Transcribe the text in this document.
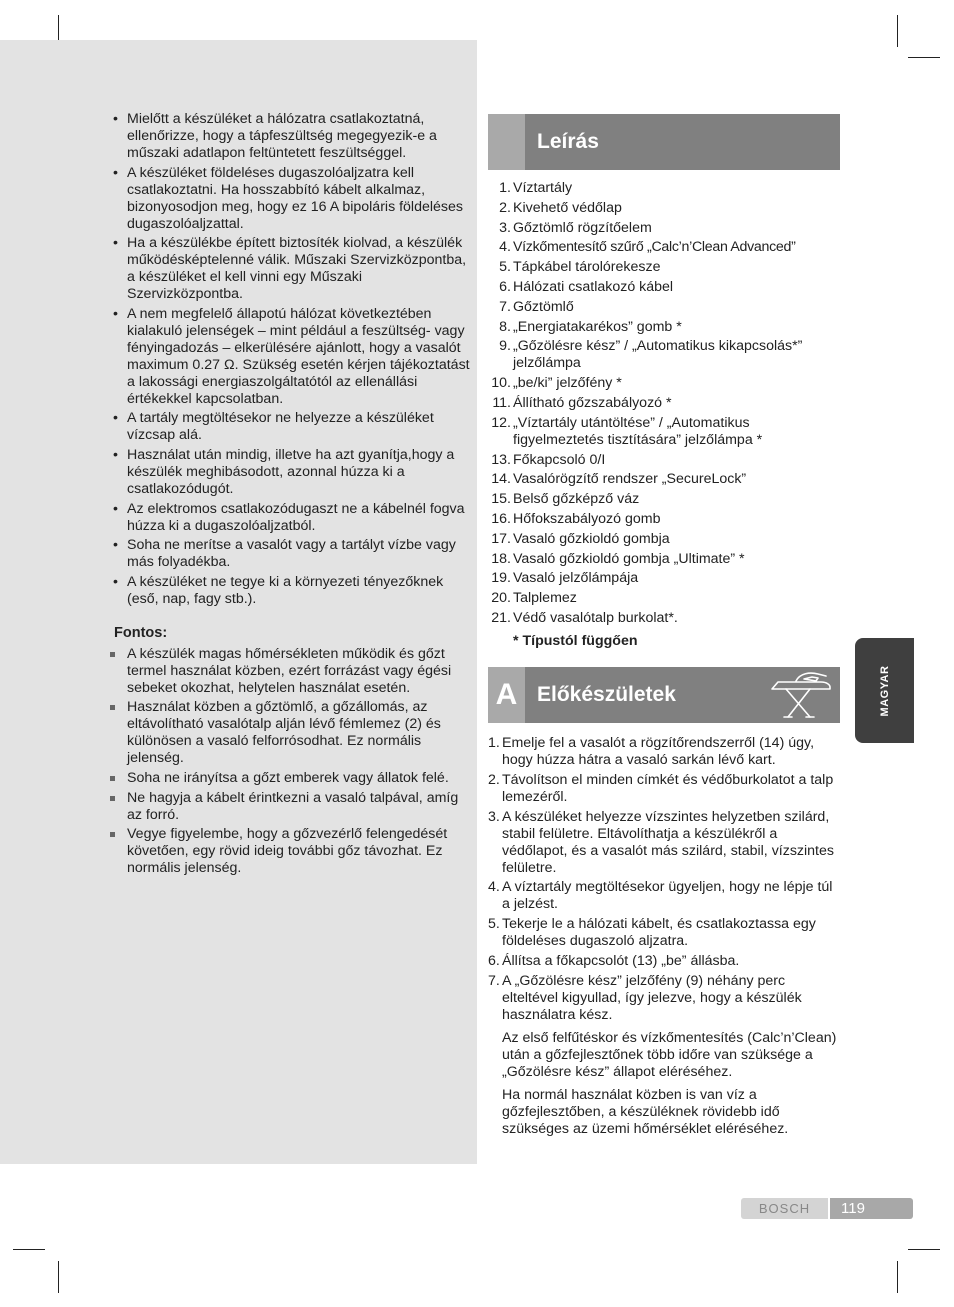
• Mielőtt a készüléket a hálózatra csatlakoztatná, ellenőrizze, hogy a tápfeszültség megegyezik-e a műszaki adatlapon feltüntetett feszültséggel.
• A készüléket földeléses dugaszolóaljzatra kell csatlakoztatni. Ha hosszabbító kábelt alkalmaz, bizonyosodjon meg, hogy ez 16 A bipoláris földeléses dugaszolóaljzattal.
• Ha a készülékbe épített biztosíték kiolvad, a készülék működésképtelenné válik. Műszaki Szervizközpontba, a készüléket el kell vinni egy Műszaki Szervizközpontba.
• A nem megfelelő állapotú hálózat következtében kialakuló jelenségek – mint például a feszültség- vagy fényingadozás – elkerülésére ajánlott, hogy a vasalót maximum 0.27 Ω. Szükség esetén kérjen tájékoztatást a lakossági energiaszolgáltatótól az ellenállási értékekkel kapcsolatban.
• A tartály megtöltésekor ne helyezze a készüléket vízcsap alá.
• Használat után mindig, illetve ha azt gyanítja,hogy a készülék meghibásodott, azonnal húzza ki a csatlakozódugót.
• Az elektromos csatlakozódugaszt ne a kábelnél fogva húzza ki a dugaszolóaljzatból.
• Soha ne merítse a vasalót vagy a tartályt vízbe vagy más folyadékba.
• A készüléket ne tegye ki a környezeti tényezőknek (eső, nap, fagy stb.).
Fontos:
A készülék magas hőmérsékleten működik és gőzt termel használat közben, ezért forrázást vagy égési sebeket okozhat, helytelen használat esetén.
Használat közben a gőztömlő, a gőzállomás, az eltávolítható vasalótalp alján lévő fémlemez (2) és különösen a vasaló felforrósodhat. Ez normális jelenség.
Soha ne irányítsa a gőzt emberek vagy állatok felé.
Ne hagyja a kábelt érintkezni a vasaló talpával, amíg az forró.
Vegye figyelembe, hogy a gőzvezérlő felengedését követően, egy rövid ideig további gőz távozhat. Ez normális jelenség.
Leírás
1. Víztartály
2. Kivehető védőlap
3. Gőztömlő rögzítőelem
4. Vízkőmentesítő szűrő „Calc’n’Clean Advanced”
5. Tápkábel tárolórekesze
6. Hálózati csatlakozó kábel
7. Gőztömlő
8. „Energiatakarékos” gomb *
9. „Gőzölésre kész” / „Automatikus kikapcsolás*” jelzőlámpa
10. „be/ki” jelzőfény *
11. Állítható gőzszabályozó *
12. „Víztartály utántöltése” / „Automatikus figyelmeztetés tisztítására” jelzőlámpa *
13. Főkapcsoló 0/I
14. Vasalórögzítő rendszer „SecureLock”
15. Belső gőzképző váz
16. Hőfokszabályozó gomb
17. Vasaló gőzkioldó gombja
18. Vasaló gőzkioldó gombja „Ultimate” *
19. Vasaló jelzőlámpája
20. Talplemez
21. Védő vasalótalp burkolat*.
* Típustól függően
A Előkészületek
1. Emelje fel a vasalót a rögzítőrendszerről (14) úgy, hogy húzza hátra a vasaló sarkán lévő kart.

2. Távolítson el minden címkét és védőburkolatot a talp lemezéről.

3. A készüléket helyezze vízszintes helyzetben szilárd, stabil felületre. Eltávolíthatja a készülékről a védőlapot, és a vasalót más szilárd, stabil, vízszintes felületre.

4. A víztartály megtöltésekor ügyeljen, hogy ne lépje túl a jelzést.

5. Tekerje le a hálózati kábelt, és csatlakoztassa egy földeléses dugaszoló aljzatra.

6. Állítsa a főkapcsolót (13) „be” állásba.

7. A „Gőzölésre kész” jelzőfény (9) néhány perc elteltével kigyullad, így jelezve, hogy a készülék használatra kész.

Az első felfűtéskor és vízkőmentesítés (Calc’n’Clean) után a gőzfejlesztőnek több időre van szüksége a „Gőzölésre kész” állapot eléréséhez.

Ha normál használat közben is van víz a gőzfejlesztőben, a készüléknek rövidebb idő szükséges az üzemi hőmérséklet eléréséhez.

MAGYAR
BOSCH	119
